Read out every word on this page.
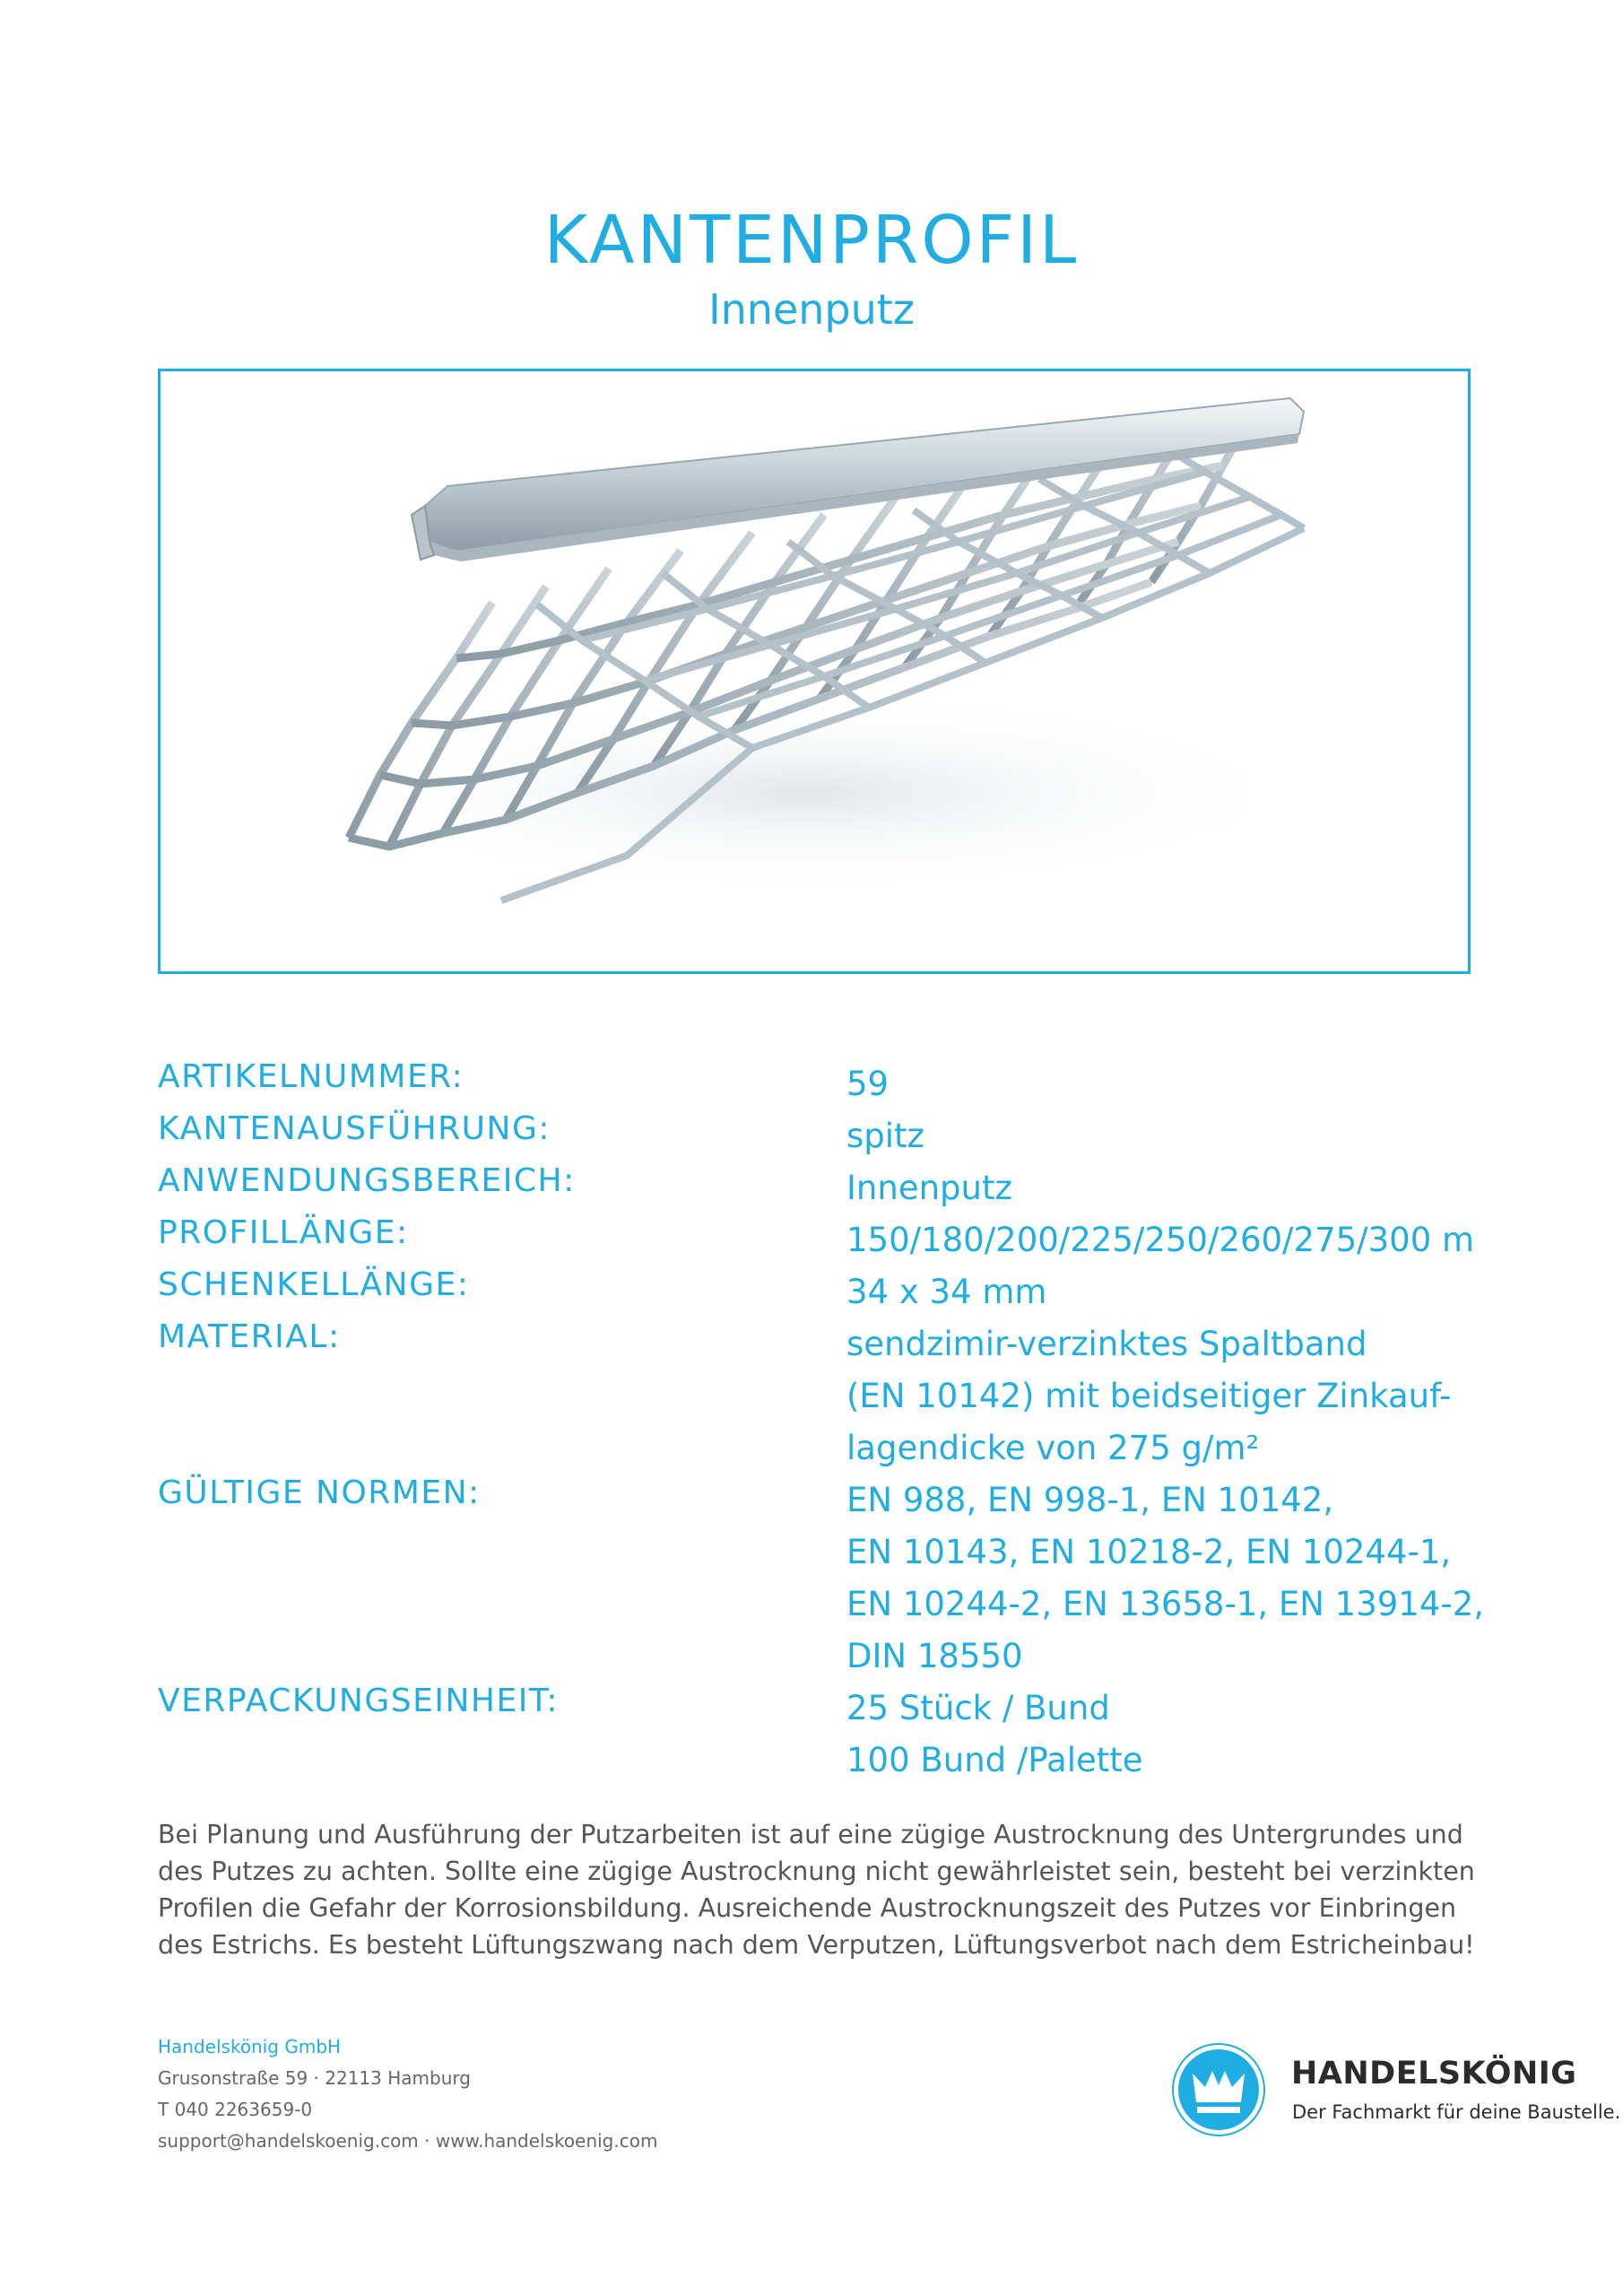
KANTENPROFIL
Innenputz
ARTIKELNUMMER:	59
KANTENAUSFÜHRUNG:	spitz
ANWENDUNGSBEREICH:	Innenputz
PROFILLÄNGE:	150/180/200/225/250/260/275/300 m
SCHENKELLÄNGE:	34 x 34 mm
MATERIAL:	sendzimir-verzinktes Spaltband
(EN 10142) mit beidseitiger Zinkauf-
lagendicke von 275 g/m²
GÜLTIGE NORMEN:	EN 988, EN 998-1, EN 10142,
EN 10143, EN 10218-2, EN 10244-1,
EN 10244-2, EN 13658-1, EN 13914-2,
DIN 18550
VERPACKUNGSEINHEIT:	25 Stück / Bund
100 Bund /Palette
Bei Planung und Ausführung der Putzarbeiten ist auf eine zügige Austrocknung des Untergrundes und des Putzes zu achten. Sollte eine zügige Austrocknung nicht gewährleistet sein, besteht bei verzinkten Profilen die Gefahr der Korrosionsbildung. Ausreichende Austrocknungszeit des Putzes vor Einbringen des Estrichs. Es besteht Lüftungszwang nach dem Verputzen, Lüftungsverbot nach dem Estricheinbau!
Handelskönig GmbH
Grusonstraße 59 · 22113 Hamburg
T 040 2263659-0
support@handelskoenig.com · www.handelskoenig.com
HANDELSKÖNIG
Der Fachmarkt für deine Baustelle.
